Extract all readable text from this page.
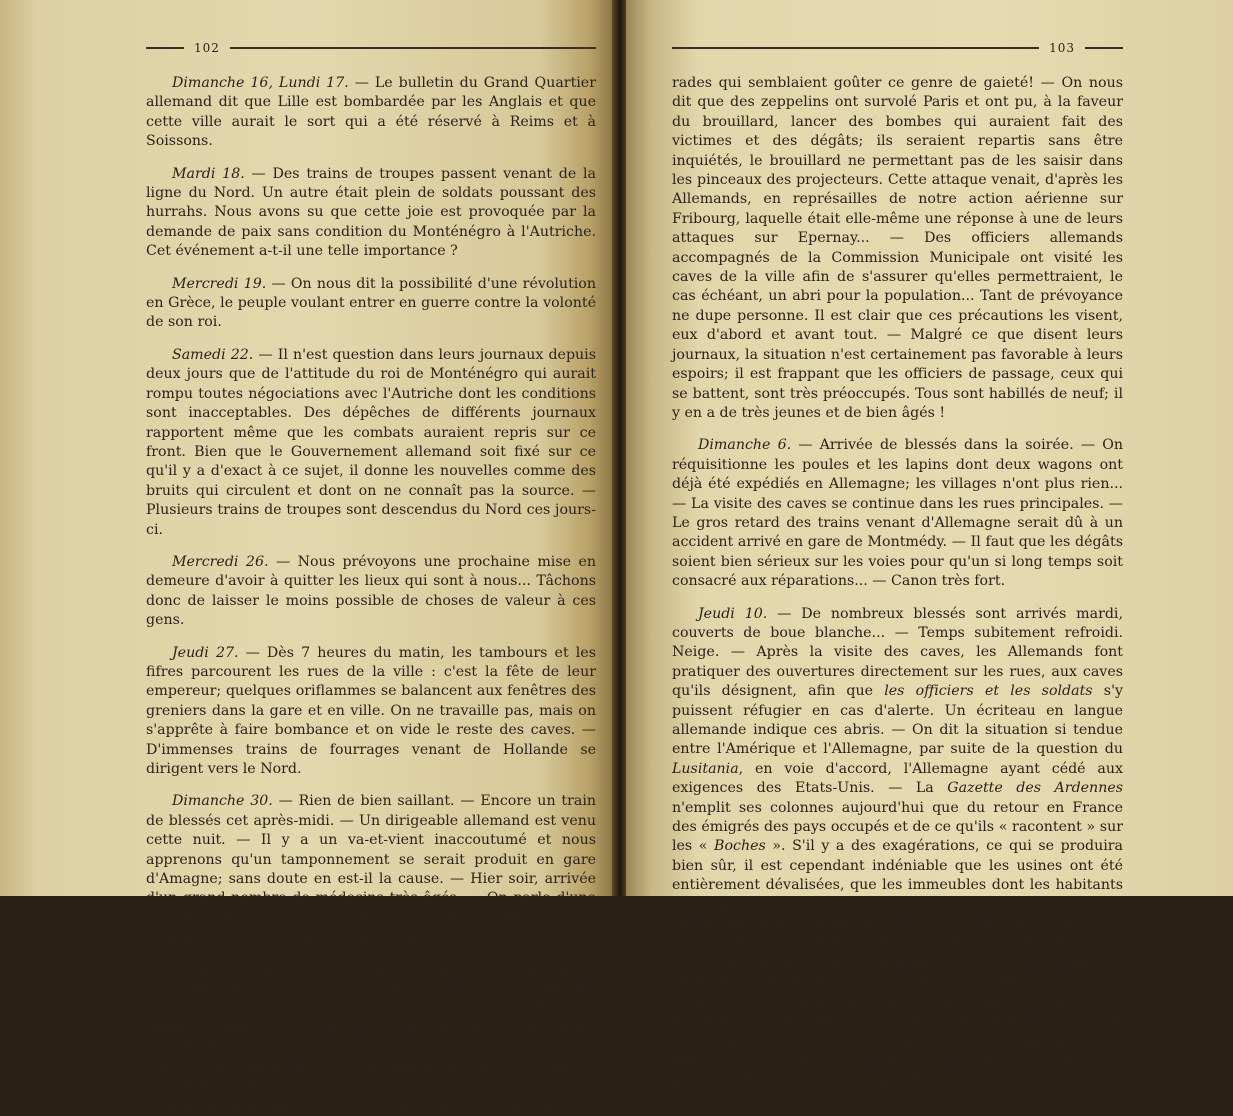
102

Dimanche 16, Lundi 17. — Le bulletin du Grand Quartier allemand dit que Lille est bombardée par les Anglais et que cette ville aurait le sort qui a été réservé à Reims et à Soissons.

Mardi 18. — Des trains de troupes passent venant de la ligne du Nord. Un autre était plein de soldats poussant des hurrahs. Nous avons su que cette joie est provoquée par la demande de paix sans condition du Monténégro à l'Autriche. Cet événement a-t-il une telle importance ?

Mercredi 19. — On nous dit la possibilité d'une révolution en Grèce, le peuple voulant entrer en guerre contre la volonté de son roi.

Samedi 22. — Il n'est question dans leurs journaux depuis deux jours que de l'attitude du roi de Monténégro qui aurait rompu toutes négociations avec l'Autriche dont les conditions sont inacceptables. Des dépêches de différents journaux rapportent même que les combats auraient repris sur ce front. Bien que le Gouvernement allemand soit fixé sur ce qu'il y a d'exact à ce sujet, il donne les nouvelles comme des bruits qui circulent et dont on ne connaît pas la source. — Plusieurs trains de troupes sont descendus du Nord ces jours-ci.

Mercredi 26. — Nous prévoyons une prochaine mise en demeure d'avoir à quitter les lieux qui sont à nous... Tâchons donc de laisser le moins possible de choses de valeur à ces gens.

Jeudi 27. — Dès 7 heures du matin, les tambours et les fifres parcourent les rues de la ville : c'est la fête de leur empereur; quelques oriflammes se balancent aux fenêtres des greniers dans la gare et en ville. On ne travaille pas, mais on s'apprête à faire bombance et on vide le reste des caves. — D'immenses trains de fourrages venant de Hollande se dirigent vers le Nord.

Dimanche 30. — Rien de bien saillant. — Encore un train de blessés cet après-midi. — Un dirigeable allemand est venu cette nuit. — Il y a un va-et-vient inaccoutumé et nous apprenons qu'un tamponnement se serait produit en gare d'Amagne; sans doute en est-il la cause. — Hier soir, arrivée d'un grand nombre de médecins très âgés. — On parle d'une offensive prochaine. Bon nombre de blessés rétablis sont renvoyés au front et partis aujourd'hui.

Jeudi 3 février. — Des trains de troupes descendent du Nord jour et nuit. Ceux qui viennent d'Allemagne ont des retards de plusieurs heures. — Hier soir, un jeune officier de hussards nous a fait, une fois de plus, apprécier l'éducation de son milieu. Il est entré tout en titubant, a bousculé ce qui était sur son passage, puis s'est mis à non pas crier, mais à hurler les noms de stations, après quoi il s'est mis à siffler comme un palefrenier, encouragé par l'hilarité de ses cama-

103

rades qui semblaient goûter ce genre de gaieté! — On nous dit que des zeppelins ont survolé Paris et ont pu, à la faveur du brouillard, lancer des bombes qui auraient fait des victimes et des dégâts; ils seraient repartis sans être inquiétés, le brouillard ne permettant pas de les saisir dans les pinceaux des projecteurs. Cette attaque venait, d'après les Allemands, en représailles de notre action aérienne sur Fribourg, laquelle était elle-même une réponse à une de leurs attaques sur Epernay... — Des officiers allemands accompagnés de la Commission Municipale ont visité les caves de la ville afin de s'assurer qu'elles permettraient, le cas échéant, un abri pour la population... Tant de prévoyance ne dupe personne. Il est clair que ces précautions les visent, eux d'abord et avant tout. — Malgré ce que disent leurs journaux, la situation n'est certainement pas favorable à leurs espoirs; il est frappant que les officiers de passage, ceux qui se battent, sont très préoccupés. Tous sont habillés de neuf; il y en a de très jeunes et de bien âgés !

Dimanche 6. — Arrivée de blessés dans la soirée. — On réquisitionne les poules et les lapins dont deux wagons ont déjà été expédiés en Allemagne; les villages n'ont plus rien... — La visite des caves se continue dans les rues principales. — Le gros retard des trains venant d'Allemagne serait dû à un accident arrivé en gare de Montmédy. — Il faut que les dégâts soient bien sérieux sur les voies pour qu'un si long temps soit consacré aux réparations... — Canon très fort.

Jeudi 10. — De nombreux blessés sont arrivés mardi, couverts de boue blanche... — Temps subitement refroidi. Neige. — Après la visite des caves, les Allemands font pratiquer des ouvertures directement sur les rues, aux caves qu'ils désignent, afin que les officiers et les soldats s'y puissent réfugier en cas d'alerte. Un écriteau en langue allemande indique ces abris. — On dit la situation si tendue entre l'Amérique et l'Allemagne, par suite de la question du Lusitania, en voie d'accord, l'Allemagne ayant cédé aux exigences des Etats-Unis. — La Gazette des Ardennes n'emplit ses colonnes aujourd'hui que du retour en France des émigrés des pays occupés et de ce qu'ils « racontent » sur les « Boches ». S'il y a des exagérations, ce qui se produira bien sûr, il est cependant indéniable que les usines ont été entièrement dévalisées, que les immeubles dont les habitants sont partis ont été vidés de leur contenu, que tout est réquisitionné sans souci de ce qui peut manquer à l'habitant, et tant d'autres vérités... Pour contrecarrer les dires des journaux français, les commandants des trois villes ont adressé aux maires de ces villes une lettre leur demandant de répondre à diverses questions concernant ce que l'on reproche aux occupants. La réponse est embarrassante... si les maires disent ce qu'ils savent, leurs administrés en souffriront certainement. Ils ont répondu évasivement. On ne pourra faire savoir la vérité que plus tard...
